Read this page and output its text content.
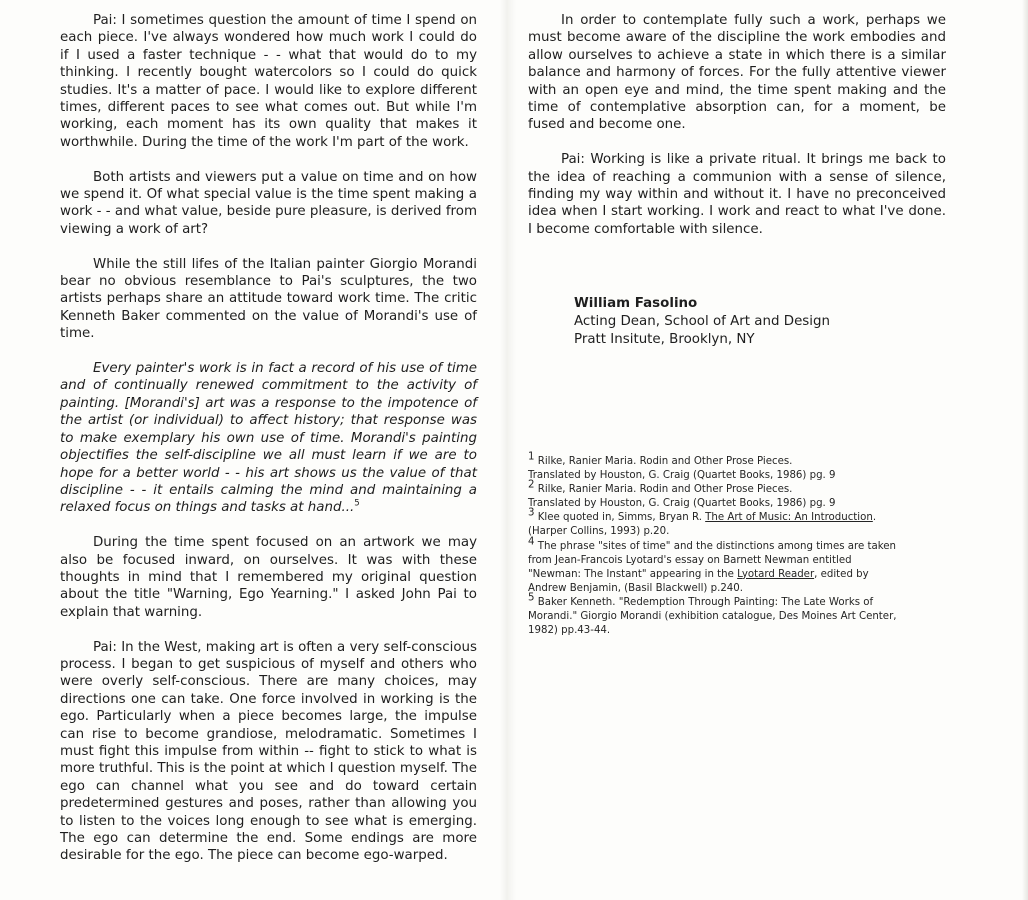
Pai: I sometimes question the amount of time I spend on each piece. I've always wondered how much work I could do if I used a faster technique - - what that would do to my thinking. I recently bought watercolors so I could do quick studies. It's a matter of pace. I would like to explore different times, different paces to see what comes out. But while I'm working, each moment has its own quality that makes it worthwhile. During the time of the work I'm part of the work.

Both artists and viewers put a value on time and on how we spend it. Of what special value is the time spent making a work - - and what value, beside pure pleasure, is derived from viewing a work of art?

While the still lifes of the Italian painter Giorgio Morandi bear no obvious resemblance to Pai's sculptures, the two artists perhaps share an attitude toward work time. The critic Kenneth Baker commented on the value of Morandi's use of time.

Every painter's work is in fact a record of his use of time and of continually renewed commitment to the activity of painting. [Morandi's] art was a response to the impotence of the artist (or individual) to affect history; that response was to make exemplary his own use of time. Morandi's painting objectifies the self-discipline we all must learn if we are to hope for a better world - - his art shows us the value of that discipline - - it entails calming the mind and maintaining a relaxed focus on things and tasks at hand...$^5$

During the time spent focused on an artwork we may also be focused inward, on ourselves. It was with these thoughts in mind that I remembered my original question about the title "Warning, Ego Yearning." I asked John Pai to explain that warning.

Pai: In the West, making art is often a very self-conscious process. I began to get suspicious of myself and others who were overly self-conscious. There are many choices, may directions one can take. One force involved in working is the ego. Particularly when a piece becomes large, the impulse can rise to become grandiose, melodramatic. Sometimes I must fight this impulse from within -- fight to stick to what is more truthful. This is the point at which I question myself. The ego can channel what you see and do toward certain predetermined gestures and poses, rather than allowing you to listen to the voices long enough to see what is emerging. The ego can determine the end. Some endings are more desirable for the ego. The piece can become ego-warped.

In order to contemplate fully such a work, perhaps we must become aware of the discipline the work embodies and allow ourselves to achieve a state in which there is a similar balance and harmony of forces. For the fully attentive viewer with an open eye and mind, the time spent making and the time of contemplative absorption can, for a moment, be fused and become one.

Pai: Working is like a private ritual. It brings me back to the idea of reaching a communion with a sense of silence, finding my way within and without it. I have no preconceived idea when I start working. I work and react to what I've done. I become comfortable with silence.

William Fasolino
Acting Dean, School of Art and Design
Pratt Insitute, Brooklyn, NY
1 Rilke, Ranier Maria. Rodin and Other Prose Pieces.
Translated by Houston, G. Craig (Quartet Books, 1986) pg. 9
2 Rilke, Ranier Maria. Rodin and Other Prose Pieces.
Translated by Houston, G. Craig (Quartet Books, 1986) pg. 9
3 Klee quoted in, Simms, Bryan R. The Art of Music: An Introduction.
(Harper Collins, 1993) p.20.
4 The phrase "sites of time" and the distinctions among times are taken
from Jean-Francois Lyotard's essay on Barnett Newman entitled
"Newman: The Instant" appearing in the Lyotard Reader, edited by
Andrew Benjamin, (Basil Blackwell) p.240.
5 Baker Kenneth. "Redemption Through Painting: The Late Works of
Morandi." Giorgio Morandi (exhibition catalogue, Des Moines Art Center,
1982) pp.43-44.
